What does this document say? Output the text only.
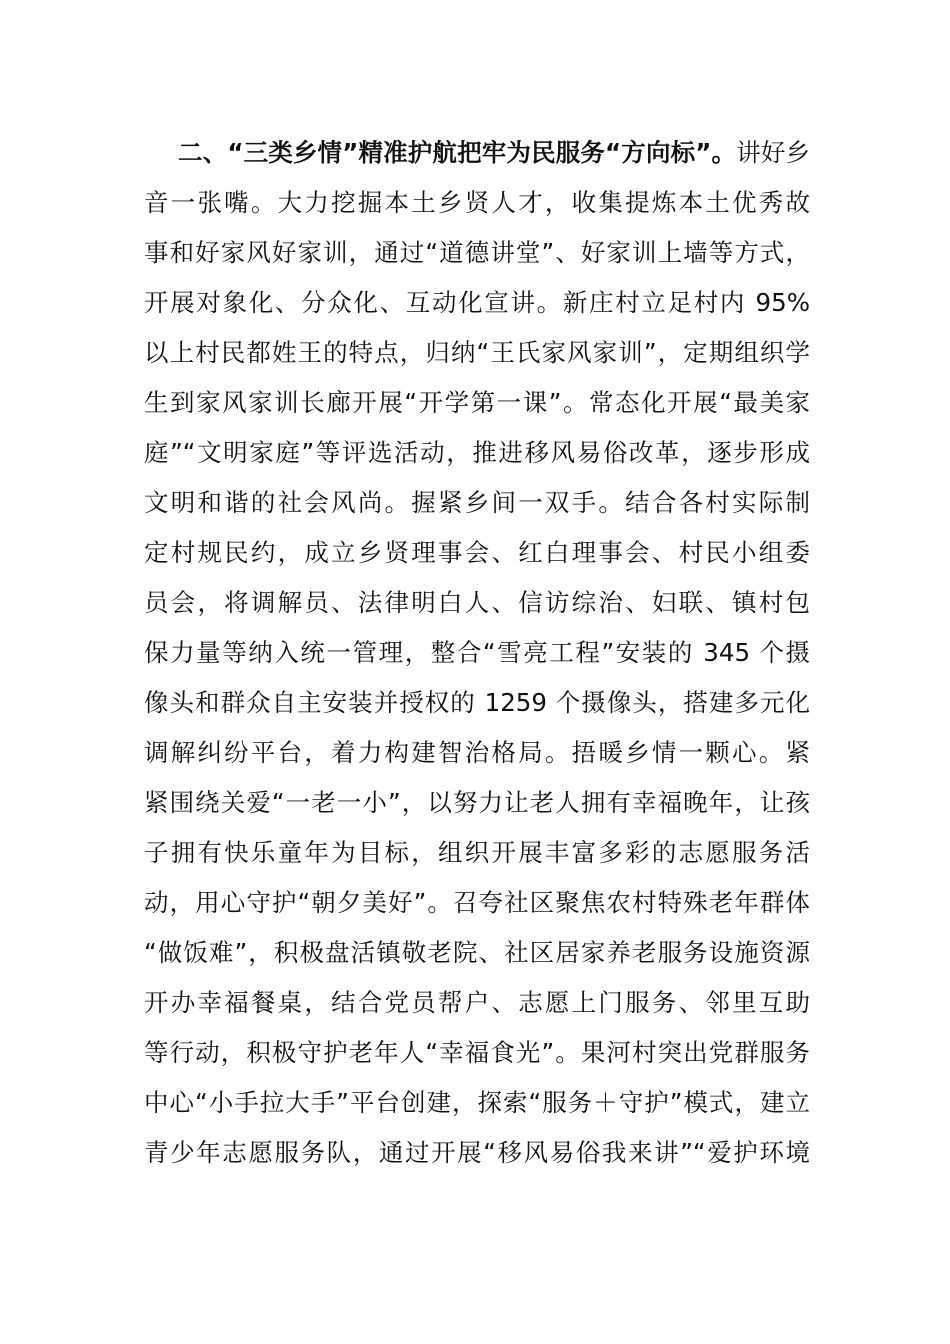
二、“三类乡情”精准护航把牢为民服务“方向标”。讲好乡
音一张嘴。大力挖掘本土乡贤人才，收集提炼本土优秀故
事和好家风好家训，通过“道德讲堂”、好家训上墙等方式，
开展对象化、分众化、互动化宣讲。新庄村立足村内 95%
以上村民都姓王的特点，归纳“王氏家风家训”，定期组织学
生到家风家训长廊开展“开学第一课”。常态化开展“最美家
庭”“文明家庭”等评选活动，推进移风易俗改革，逐步形成
文明和谐的社会风尚。握紧乡间一双手。结合各村实际制
定村规民约，成立乡贤理事会、红白理事会、村民小组委
员会，将调解员、法律明白人、信访综治、妇联、镇村包
保力量等纳入统一管理，整合“雪亮工程”安装的 345 个摄
像头和群众自主安装并授权的 1259 个摄像头，搭建多元化
调解纠纷平台，着力构建智治格局。捂暖乡情一颗心。紧
紧围绕关爱“一老一小”，以努力让老人拥有幸福晚年，让孩
子拥有快乐童年为目标，组织开展丰富多彩的志愿服务活
动，用心守护“朝夕美好”。召夸社区聚焦农村特殊老年群体
“做饭难”，积极盘活镇敬老院、社区居家养老服务设施资源
开办幸福餐桌，结合党员帮户、志愿上门服务、邻里互助
等行动，积极守护老年人“幸福食光”。果河村突出党群服务
中心“小手拉大手”平台创建，探索“服务＋守护”模式，建立
青少年志愿服务队，通过开展“移风易俗我来讲”“爱护环境
